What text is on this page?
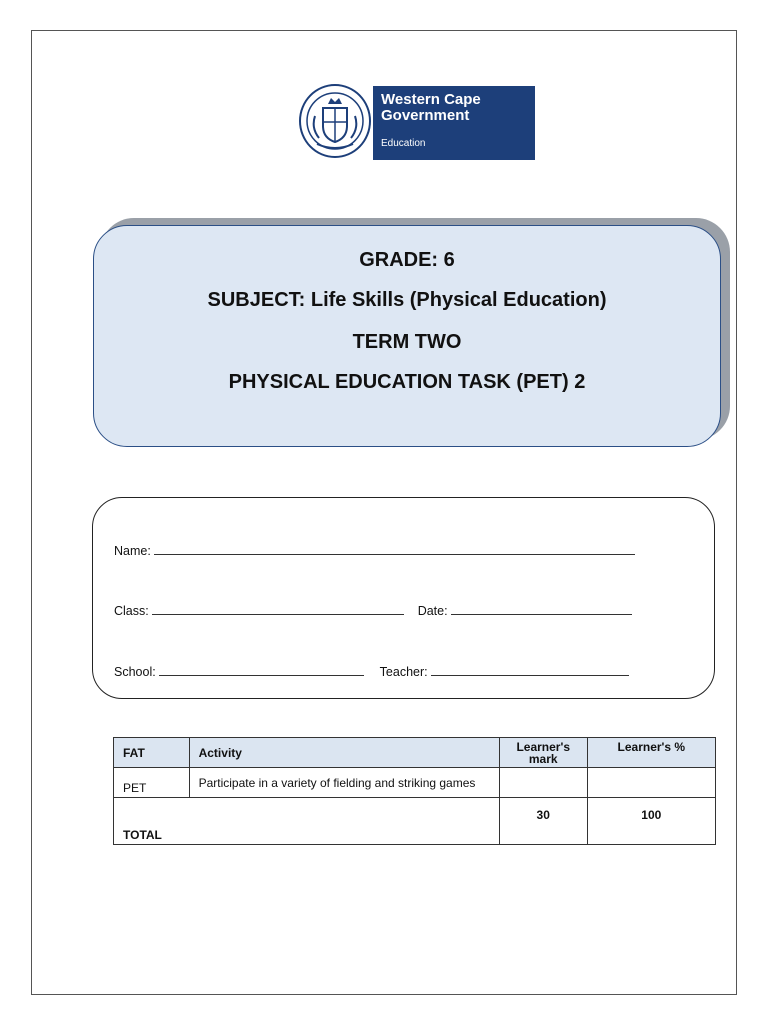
Western Cape
Government
Education
GRADE: 6
SUBJECT: Life Skills (Physical Education)
TERM TWO
PHYSICAL EDUCATION TASK (PET) 2
Name:
Class:	Date:
School:	Teacher:
FAT	Activity	Learner's mark	Learner's %
PET	Participate in a variety of fielding and striking games		
TOTAL		30	100
